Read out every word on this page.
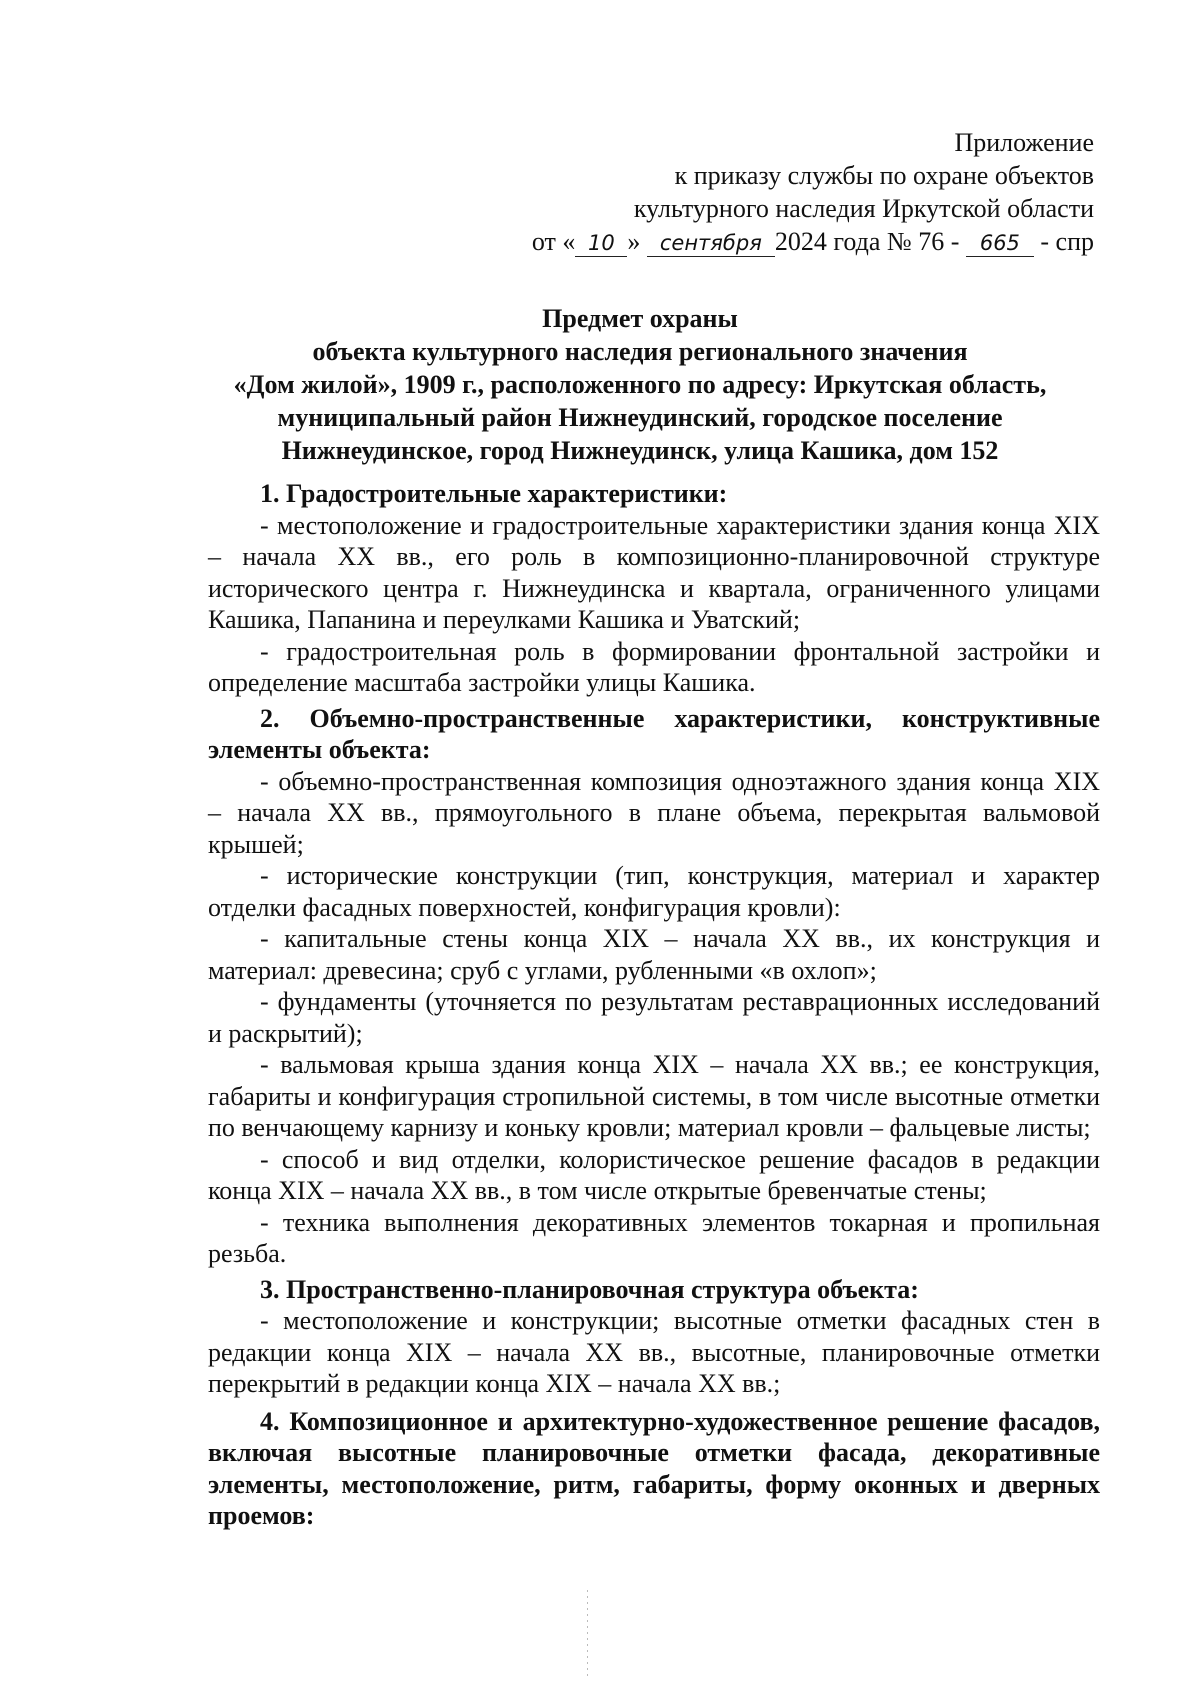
Приложение
к приказу службы по охране объектов
культурного наследия Иркутской области
от « 10 » сентября 2024 года № 76 - 665 - спр
Предмет охраны
объекта культурного наследия регионального значения
«Дом жилой», 1909 г., расположенного по адресу: Иркутская область,
муниципальный район Нижнеудинский, городское поселение
Нижнеудинское, город Нижнеудинск, улица Кашика, дом 152

1. Градостроительные характеристики:

- местоположение и градостроительные характеристики здания конца XIX – начала XX вв., его роль в композиционно-планировочной структуре исторического центра г. Нижнеудинска и квартала, ограниченного улицами Кашика, Папанина и переулками Кашика и Уватский;

- градостроительная роль в формировании фронтальной застройки и определение масштаба застройки улицы Кашика.

2. Объемно-пространственные характеристики, конструктивные элементы объекта:

- объемно-пространственная композиция одноэтажного здания конца XIX – начала XX вв., прямоугольного в плане объема, перекрытая вальмовой крышей;

- исторические конструкции (тип, конструкция, материал и характер отделки фасадных поверхностей, конфигурация кровли):

- капитальные стены конца XIX – начала XX вв., их конструкция и материал: древесина; сруб с углами, рубленными «в охлоп»;

- фундаменты (уточняется по результатам реставрационных исследований и раскрытий);

- вальмовая крыша здания конца XIX – начала XX вв.; ее конструкция, габариты и конфигурация стропильной системы, в том числе высотные отметки по венчающему карнизу и коньку кровли; материал кровли – фальцевые листы;

- способ и вид отделки, колористическое решение фасадов в редакции конца XIX – начала XX вв., в том числе открытые бревенчатые стены;

- техника выполнения декоративных элементов токарная и пропильная резьба.

3. Пространственно-планировочная структура объекта:

- местоположение и конструкции; высотные отметки фасадных стен в редакции конца XIX – начала XX вв., высотные, планировочные отметки перекрытий в редакции конца XIX – начала XX вв.;

4. Композиционное и архитектурно-художественное решение фасадов, включая высотные планировочные отметки фасада, декоративные элементы, местоположение, ритм, габариты, форму оконных и дверных проемов:
